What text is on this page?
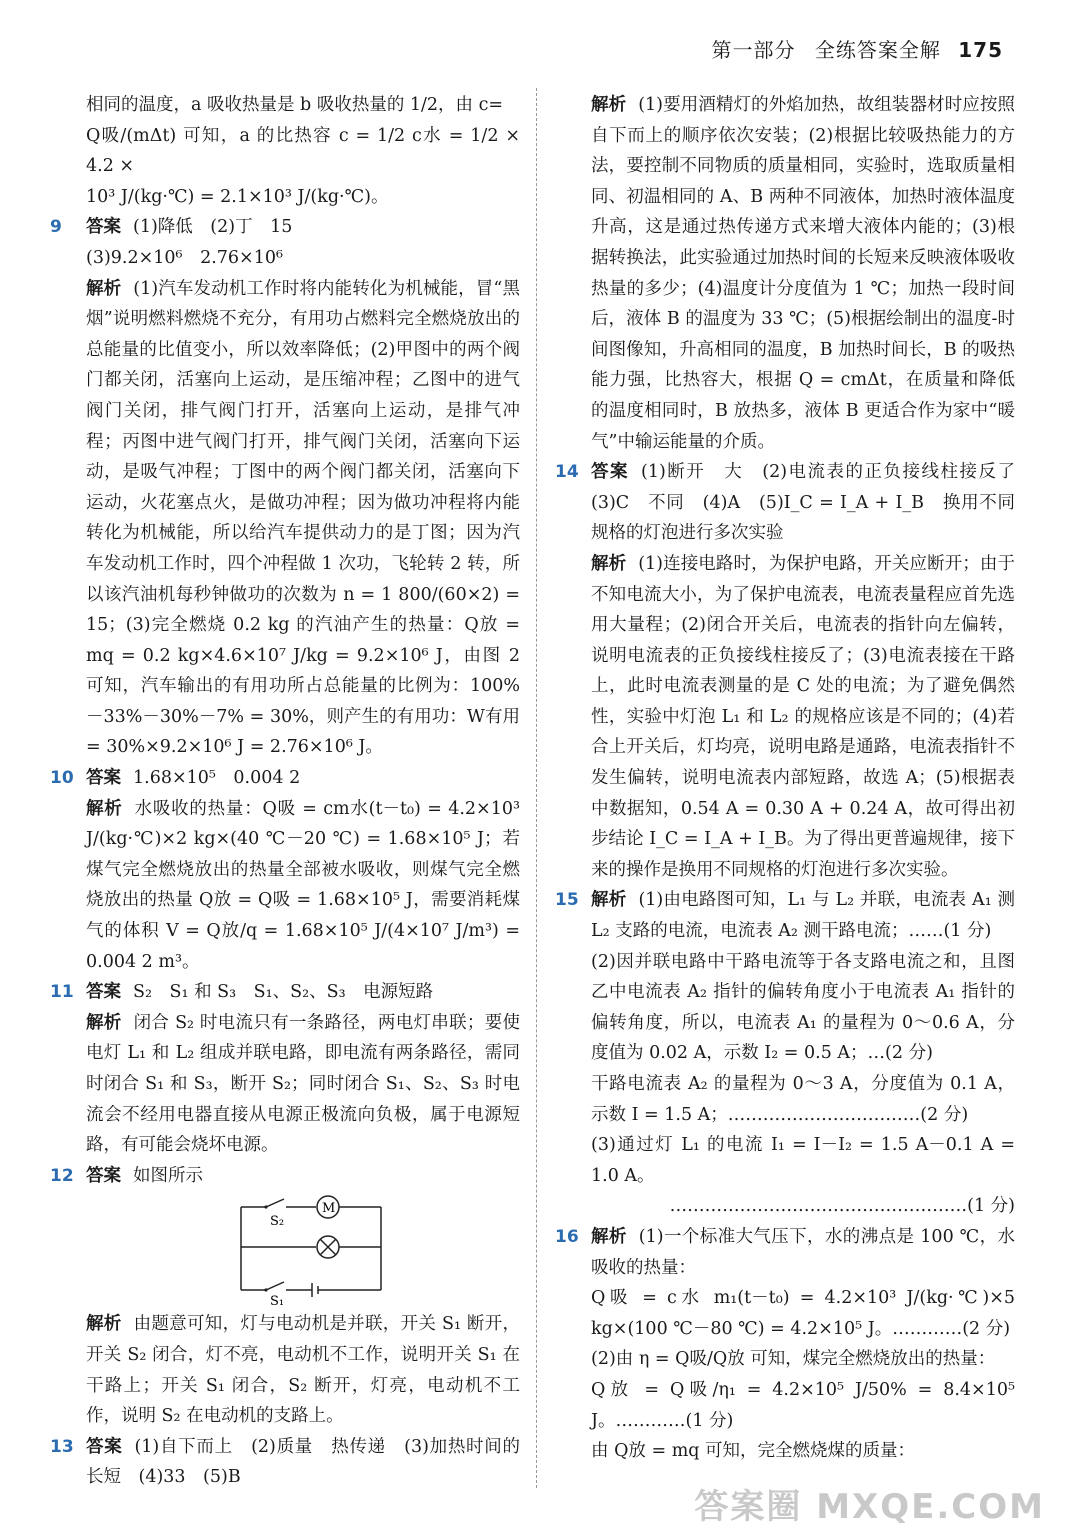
第一部分 全练答案全解 175
相同的温度，a 吸收热量是 b 吸收热量的 1/2，由 c=
Q吸/(mΔt) 可知，a 的比热容 c = 1/2 c水 = 1/2 × 4.2 ×
10³ J/(kg·℃) = 2.1×10³ J/(kg·℃)。
9	答案 (1)降低　(2)丁　15
(3)9.2×10⁶　2.76×10⁶
解析 (1)汽车发动机工作时将内能转化为机械能，冒“黑烟”说明燃料燃烧不充分，有用功占燃料完全燃烧放出的总能量的比值变小，所以效率降低；(2)甲图中的两个阀门都关闭，活塞向上运动，是压缩冲程；乙图中的进气阀门关闭，排气阀门打开，活塞向上运动，是排气冲程；丙图中进气阀门打开，排气阀门关闭，活塞向下运动，是吸气冲程；丁图中的两个阀门都关闭，活塞向下运动，火花塞点火，是做功冲程；因为做功冲程将内能转化为机械能，所以给汽车提供动力的是丁图；因为汽车发动机工作时，四个冲程做 1 次功，飞轮转 2 转，所以该汽油机每秒钟做功的次数为 n = 1 800/(60×2) = 15；(3)完全燃烧 0.2 kg 的汽油产生的热量：Q放 = mq = 0.2 kg×4.6×10⁷ J/kg = 9.2×10⁶ J，由图 2 可知，汽车输出的有用功所占总能量的比例为：100%－33%－30%－7% = 30%，则产生的有用功：W有用 = 30%×9.2×10⁶ J = 2.76×10⁶ J。
10 答案 1.68×10⁵　0.004 2
解析 水吸收的热量：Q吸 = cm水(t－t₀) = 4.2×10³ J/(kg·℃)×2 kg×(40 ℃－20 ℃) = 1.68×10⁵ J；若煤气完全燃烧放出的热量全部被水吸收，则煤气完全燃烧放出的热量 Q放 = Q吸 = 1.68×10⁵ J，需要消耗煤气的体积 V = Q放/q = 1.68×10⁵ J/(4×10⁷ J/m³) = 0.004 2 m³。
11 答案 S₂　S₁ 和 S₃　S₁、S₂、S₃　电源短路
解析 闭合 S₂ 时电流只有一条路径，两电灯串联；要使电灯 L₁ 和 L₂ 组成并联电路，即电流有两条路径，需同时闭合 S₁ 和 S₃，断开 S₂；同时闭合 S₁、S₂、S₃ 时电流会不经用电器直接从电源正极流向负极，属于电源短路，有可能会烧坏电源。
12 答案 如图所示
M
S₂
S₁
解析 由题意可知，灯与电动机是并联，开关 S₁ 断开，开关 S₂ 闭合，灯不亮，电动机不工作，说明开关 S₁ 在干路上；开关 S₁ 闭合，S₂ 断开，灯亮，电动机不工作，说明 S₂ 在电动机的支路上。
13 答案 (1)自下而上　(2)质量　热传递　(3)加热时间的长短　(4)33　(5)B
解析 (1)要用酒精灯的外焰加热，故组装器材时应按照自下而上的顺序依次安装；(2)根据比较吸热能力的方法，要控制不同物质的质量相同，实验时，选取质量相同、初温相同的 A、B 两种不同液体，加热时液体温度升高，这是通过热传递方式来增大液体内能的；(3)根据转换法，此实验通过加热时间的长短来反映液体吸收热量的多少；(4)温度计分度值为 1 ℃；加热一段时间后，液体 B 的温度为 33 ℃；(5)根据绘制出的温度-时间图像知，升高相同的温度，B 加热时间长，B 的吸热能力强，比热容大，根据 Q = cmΔt，在质量和降低的温度相同时，B 放热多，液体 B 更适合作为家中“暖气”中输运能量的介质。
14 答案 (1)断开　大　(2)电流表的正负接线柱接反了　(3)C　不同　(4)A　(5)I_C = I_A + I_B　换用不同规格的灯泡进行多次实验
解析 (1)连接电路时，为保护电路，开关应断开；由于不知电流大小，为了保护电流表，电流表量程应首先选用大量程；(2)闭合开关后，电流表的指针向左偏转，说明电流表的正负接线柱接反了；(3)电流表接在干路上，此时电流表测量的是 C 处的电流；为了避免偶然性，实验中灯泡 L₁ 和 L₂ 的规格应该是不同的；(4)若合上开关后，灯均亮，说明电路是通路，电流表指针不发生偏转，说明电流表内部短路，故选 A；(5)根据表中数据知，0.54 A = 0.30 A + 0.24 A，故可得出初步结论 I_C = I_A + I_B。为了得出更普遍规律，接下来的操作是换用不同规格的灯泡进行多次实验。
15 解析 (1)由电路图可知，L₁ 与 L₂ 并联，电流表 A₁ 测 L₂ 支路的电流，电流表 A₂ 测干路电流；……(1 分)
(2)因并联电路中干路电流等于各支路电流之和，且图乙中电流表 A₂ 指针的偏转角度小于电流表 A₁ 指针的偏转角度，所以，电流表 A₁ 的量程为 0～0.6 A，分度值为 0.02 A，示数 I₂ = 0.5 A；…(2 分)
干路电流表 A₂ 的量程为 0～3 A，分度值为 0.1 A，示数 I = 1.5 A；……………………………(2 分)
(3)通过灯 L₁ 的电流 I₁ = I－I₂ = 1.5 A－0.1 A = 1.0 A。
……………………………………………(1 分)
16 解析 (1)一个标准大气压下，水的沸点是 100 ℃，水吸收的热量：
Q吸 = c水 m₁(t－t₀) = 4.2×10³ J/(kg·℃)×5 kg×(100 ℃－80 ℃) = 4.2×10⁵ J。…………(2 分)
(2)由 η = Q吸/Q放 可知，煤完全燃烧放出的热量：
Q放 = Q吸/η₁ = 4.2×10⁵ J/50% = 8.4×10⁵ J。…………(1 分)
由 Q放 = mq 可知，完全燃烧煤的质量：
答案圈 MXQE.COM
